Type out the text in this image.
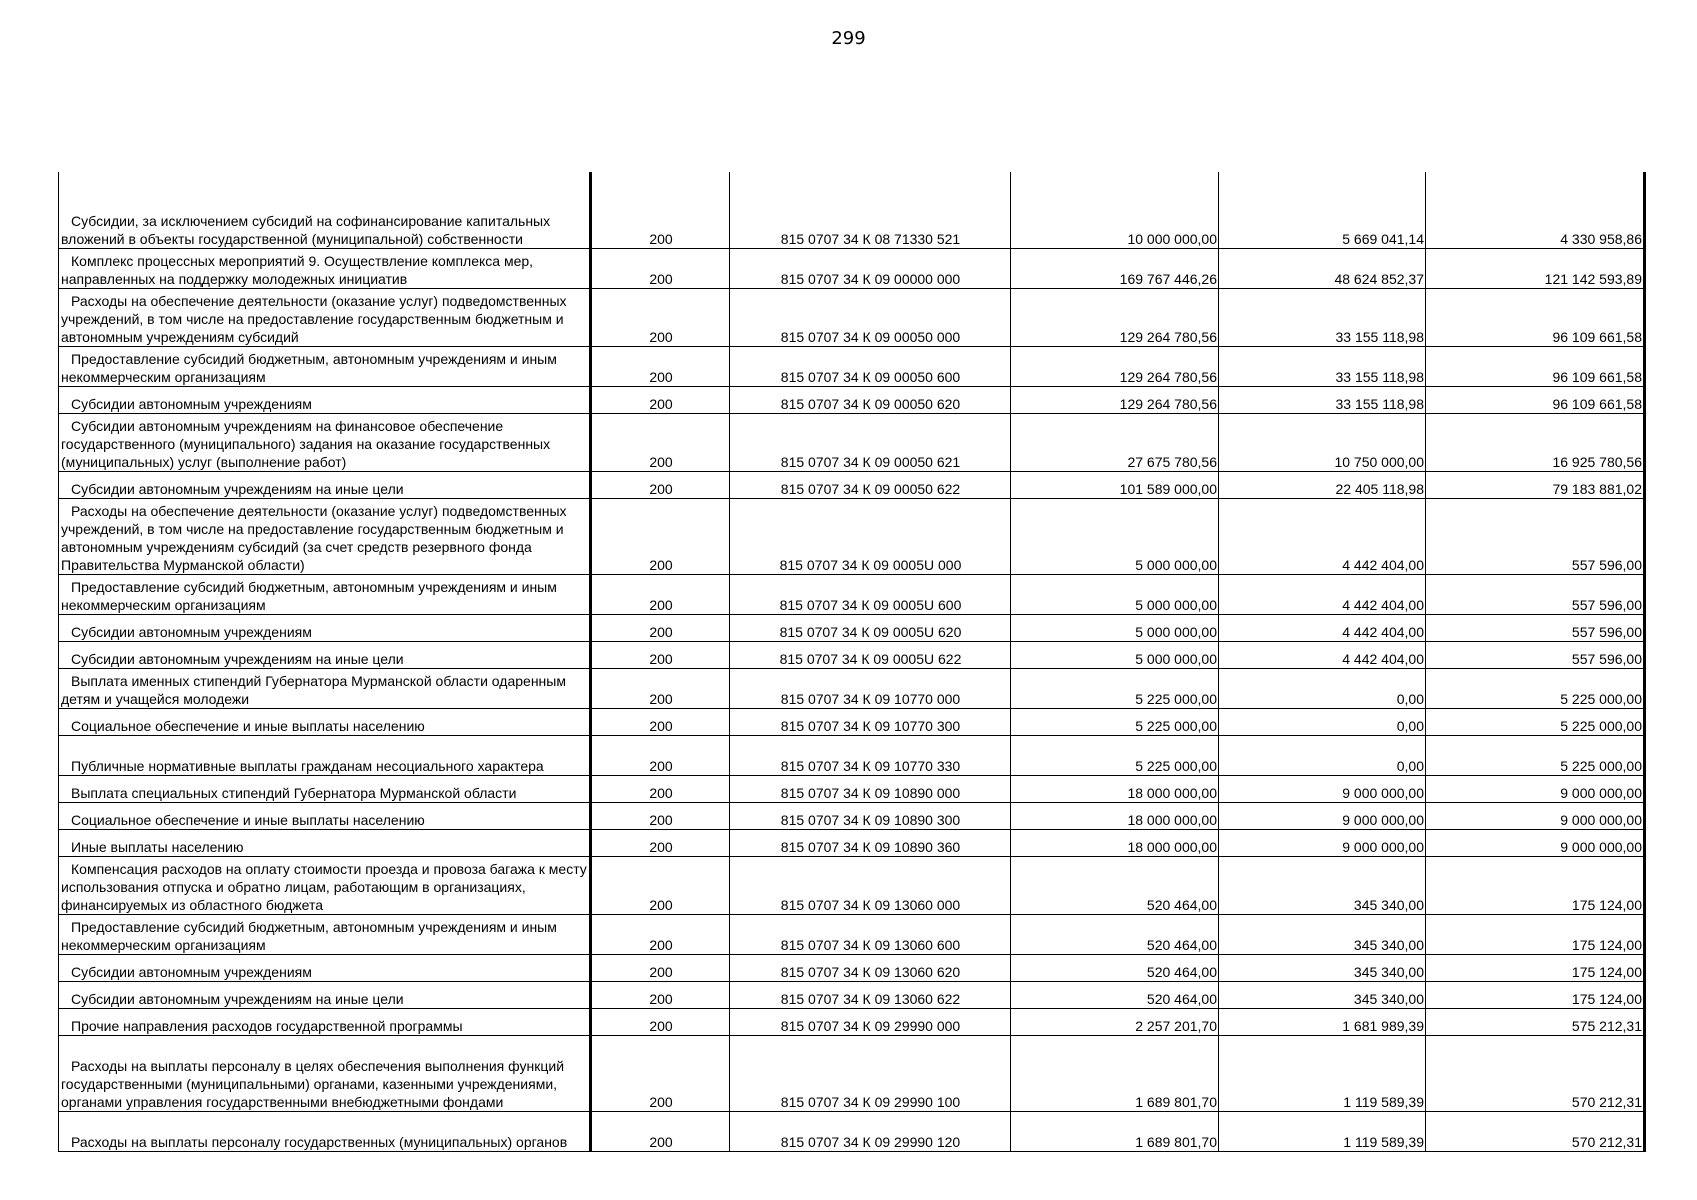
299

Субсидии, за исключением субсидий на софинансирование капитальных вложений в объекты государственной (муниципальной) собственности	200	815 0707 34 К 08 71330 521	10 000 000,00	5 669 041,14	4 330 958,86

Комплекс процессных мероприятий 9. Осуществление комплекса мер, направленных на поддержку молодежных инициатив	200	815 0707 34 К 09 00000 000	169 767 446,26	48 624 852,37	121 142 593,89

Расходы на обеспечение деятельности (оказание услуг) подведомственных учреждений, в том числе на предоставление государственным бюджетным и автономным учреждениям субсидий	200	815 0707 34 К 09 00050 000	129 264 780,56	33 155 118,98	96 109 661,58

Предоставление субсидий бюджетным, автономным учреждениям и иным некоммерческим организациям	200	815 0707 34 К 09 00050 600	129 264 780,56	33 155 118,98	96 109 661,58

Субсидии автономным учреждениям	200	815 0707 34 К 09 00050 620	129 264 780,56	33 155 118,98	96 109 661,58

Субсидии автономным учреждениям на финансовое обеспечение государственного (муниципального) задания на оказание государственных (муниципальных) услуг (выполнение работ)	200	815 0707 34 К 09 00050 621	27 675 780,56	10 750 000,00	16 925 780,56

Субсидии автономным учреждениям на иные цели	200	815 0707 34 К 09 00050 622	101 589 000,00	22 405 118,98	79 183 881,02

Расходы на обеспечение деятельности (оказание услуг) подведомственных учреждений, в том числе на предоставление государственным бюджетным и автономным учреждениям субсидий (за счет средств резервного фонда Правительства Мурманской области)	200	815 0707 34 К 09 0005U 000	5 000 000,00	4 442 404,00	557 596,00

Предоставление субсидий бюджетным, автономным учреждениям и иным некоммерческим организациям	200	815 0707 34 К 09 0005U 600	5 000 000,00	4 442 404,00	557 596,00

Субсидии автономным учреждениям	200	815 0707 34 К 09 0005U 620	5 000 000,00	4 442 404,00	557 596,00

Субсидии автономным учреждениям на иные цели	200	815 0707 34 К 09 0005U 622	5 000 000,00	4 442 404,00	557 596,00

Выплата именных стипендий Губернатора Мурманской области одаренным детям и учащейся молодежи	200	815 0707 34 К 09 10770 000	5 225 000,00	0,00	5 225 000,00

Социальное обеспечение и иные выплаты населению	200	815 0707 34 К 09 10770 300	5 225 000,00	0,00	5 225 000,00

Публичные нормативные выплаты гражданам несоциального характера	200	815 0707 34 К 09 10770 330	5 225 000,00	0,00	5 225 000,00

Выплата специальных стипендий Губернатора Мурманской области	200	815 0707 34 К 09 10890 000	18 000 000,00	9 000 000,00	9 000 000,00

Социальное обеспечение и иные выплаты населению	200	815 0707 34 К 09 10890 300	18 000 000,00	9 000 000,00	9 000 000,00

Иные выплаты населению	200	815 0707 34 К 09 10890 360	18 000 000,00	9 000 000,00	9 000 000,00

Компенсация расходов на оплату стоимости проезда и провоза багажа к месту использования отпуска и обратно лицам, работающим в организациях, финансируемых из областного бюджета	200	815 0707 34 К 09 13060 000	520 464,00	345 340,00	175 124,00

Предоставление субсидий бюджетным, автономным учреждениям и иным некоммерческим организациям	200	815 0707 34 К 09 13060 600	520 464,00	345 340,00	175 124,00

Субсидии автономным учреждениям	200	815 0707 34 К 09 13060 620	520 464,00	345 340,00	175 124,00

Субсидии автономным учреждениям на иные цели	200	815 0707 34 К 09 13060 622	520 464,00	345 340,00	175 124,00

Прочие направления расходов государственной программы	200	815 0707 34 К 09 29990 000	2 257 201,70	1 681 989,39	575 212,31

Расходы на выплаты персоналу в целях обеспечения выполнения функций государственными (муниципальными) органами, казенными учреждениями, органами управления государственными внебюджетными фондами	200	815 0707 34 К 09 29990 100	1 689 801,70	1 119 589,39	570 212,31

Расходы на выплаты персоналу государственных (муниципальных) органов	200	815 0707 34 К 09 29990 120	1 689 801,70	1 119 589,39	570 212,31
